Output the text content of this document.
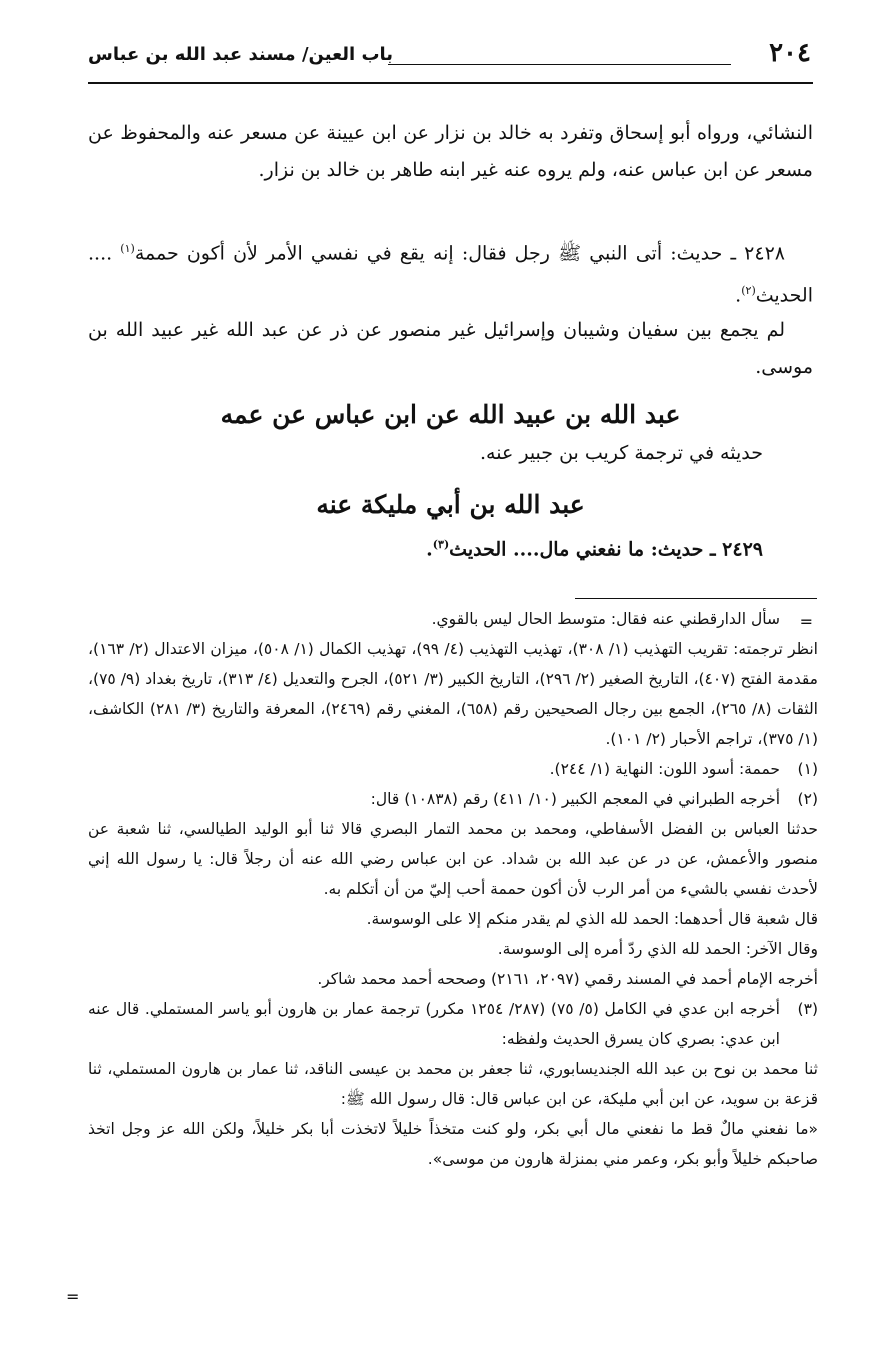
٢٠٤
باب العين/ مسند عبد الله بن عباس
النشائي، ورواه أبو إسحاق وتفرد به خالد بن نزار عن ابن عيينة عن مسعر عنه والمحفوظ عن مسعر عن ابن عباس عنه، ولم يروه عنه غير ابنه طاهر بن خالد بن نزار.
٢٤٢٨ ـ حديث: أتى النبي ﷺ رجل فقال: إنه يقع في نفسي الأمر لأن أكون حممة$^{(١)}$ .... الحديث$^{(٢)}$.
لم يجمع بين سفيان وشيبان وإسرائيل غير منصور عن ذر عن عبد الله غير عبيد الله بن موسى.
عبد الله بن عبيد الله عن ابن عباس عن عمه
حديثه في ترجمة كريب بن جبير عنه.
عبد الله بن أبي مليكة عنه
٢٤٢٩ ـ حديث: ما نفعني مال.... الحديث$^{(٣)}$.
=
سأل الدارقطني عنه فقال: متوسط الحال ليس بالقوي.
انظر ترجمته: تقريب التهذيب (١/ ٣٠٨)، تهذيب التهذيب (٤/ ٩٩)، تهذيب الكمال (١/ ٥٠٨)، ميزان الاعتدال (٢/ ١٦٣)، مقدمة الفتح (٤٠٧)، التاريخ الصغير (٢/ ٢٩٦)، التاريخ الكبير (٣/ ٥٢١)، الجرح والتعديل (٤/ ٣١٣)، تاريخ بغداد (٩/ ٧٥)، الثقات (٨/ ٢٦٥)، الجمع بين رجال الصحيحين رقم (٦٥٨)، المغني رقم (٢٤٦٩)، المعرفة والتاريخ (٣/ ٢٨١) الكاشف، (١/ ٣٧٥)، تراجم الأحبار (٢/ ١٠١).
(١)
حممة: أسود اللون: النهاية (١/ ٢٤٤).
(٢)
أخرجه الطبراني في المعجم الكبير (١٠/ ٤١١) رقم (١٠٨٣٨) قال:
حدثنا العباس بن الفضل الأسفاطي، ومحمد بن محمد التمار البصري قالا ثنا أبو الوليد الطيالسي، ثنا شعبة عن منصور والأعمش، عن در عن عبد الله بن شداد. عن ابن عباس رضي الله عنه أن رجلاً قال: يا رسول الله إني لأحدث نفسي بالشيء من أمر الرب لأن أكون حممة أحب إليّ من أن أتكلم به.
قال شعبة قال أحدهما: الحمد لله الذي لم يقدر منكم إلا على الوسوسة.
وقال الآخر: الحمد لله الذي ردّ أمره إلى الوسوسة.
أخرجه الإمام أحمد في المسند رقمي (٢٠٩٧، ٢١٦١) وصححه أحمد محمد شاكر.
(٣)
أخرجه ابن عدي في الكامل (٥/ ٧٥) (٢٨٧/ ١٢٥٤ مكرر) ترجمة عمار بن هارون أبو ياسر المستملي. قال عنه ابن عدي: بصري كان يسرق الحديث ولفظه:
ثنا محمد بن نوح بن عبد الله الجنديسابوري، ثنا جعفر بن محمد بن عيسى الناقد، ثنا عمار بن هارون المستملي، ثنا قزعة بن سويد، عن ابن أبي مليكة، عن ابن عباس قال: قال رسول الله ﷺ:
«ما نفعني مالٌ قط ما نفعني مال أبي بكر، ولو كنت متخذاً خليلاً لاتخذت أبا بكر خليلاً، ولكن الله عز وجل اتخذ صاحبكم خليلاً وأبو بكر، وعمر مني بمنزلة هارون من موسى».
=
